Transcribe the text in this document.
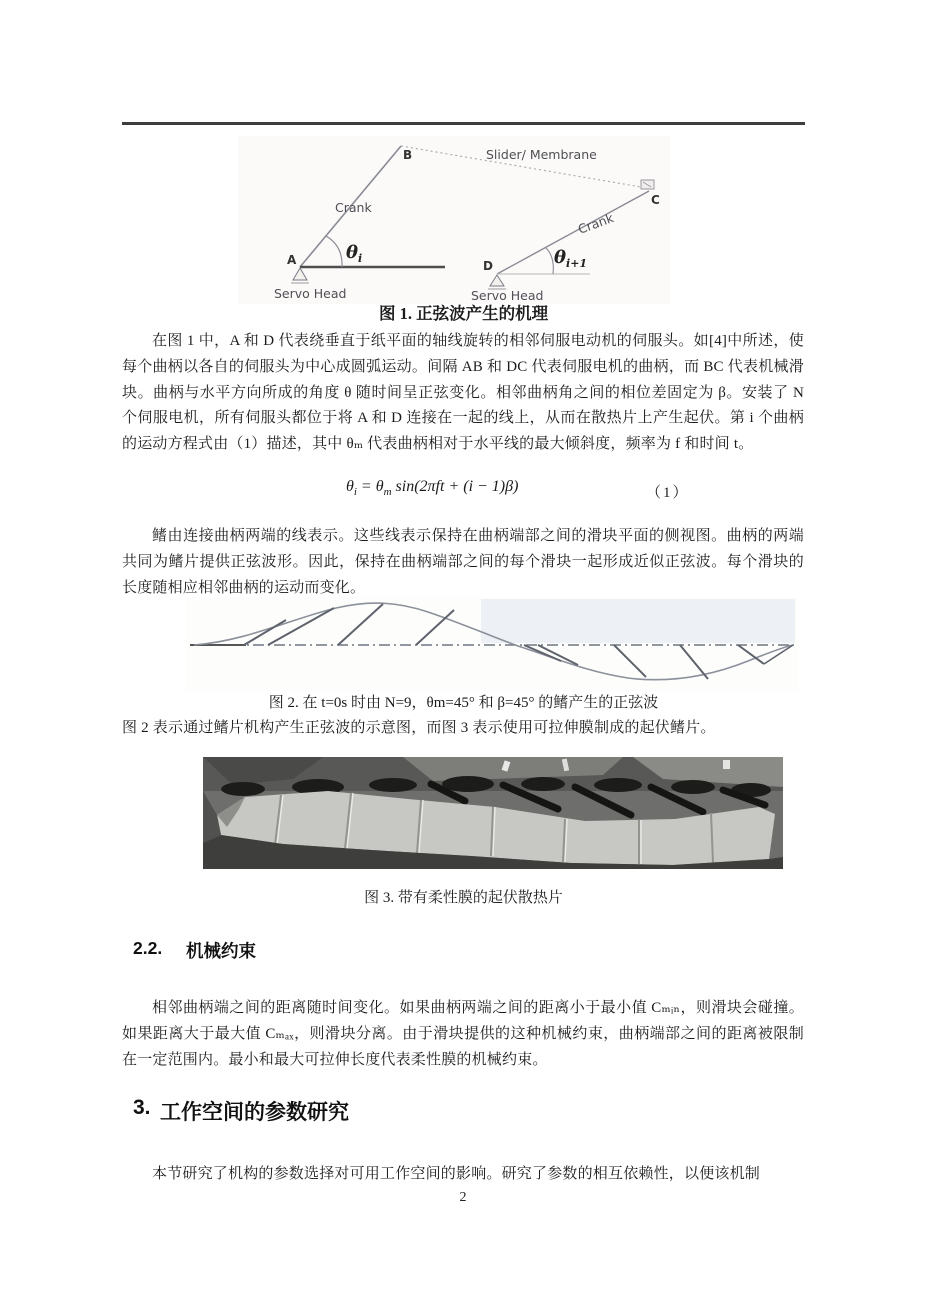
A
B
C
D
Crank
Crank
Slider/ Membrane
$\theta_i$	$\theta_{i+1}$
Servo Head	Servo Head
图 1. 正弦波产生的机理

在图 1 中，A 和 D 代表绕垂直于纸平面的轴线旋转的相邻伺服电动机的伺服头。如[4]中所述，使每个曲柄以各自的伺服头为中心成圆弧运动。间隔 AB 和 DC 代表伺服电机的曲柄，而 BC 代表机械滑块。曲柄与水平方向所成的角度 θ 随时间呈正弦变化。相邻曲柄角之间的相位差固定为 β。安装了 N 个伺服电机，所有伺服头都位于将 A 和 D 连接在一起的线上，从而在散热片上产生起伏。第 i 个曲柄的运动方程式由（1）描述，其中 θₘ 代表曲柄相对于水平线的最大倾斜度，频率为 f 和时间 t。

$\theta_i = \theta_m$ sin(2πft + (i − 1)β)	（1）

鳍由连接曲柄两端的线表示。这些线表示保持在曲柄端部之间的滑块平面的侧视图。曲柄的两端共同为鳍片提供正弦波形。因此，保持在曲柄端部之间的每个滑块一起形成近似正弦波。每个滑块的长度随相应相邻曲柄的运动而变化。

图 2. 在 t=0s 时由 N=9，θm=45° 和 β=45° 的鳍产生的正弦波

图 2 表示通过鳍片机构产生正弦波的示意图，而图 3 表示使用可拉伸膜制成的起伏鳍片。

图 3. 带有柔性膜的起伏散热片
2.2.	机械约束

相邻曲柄端之间的距离随时间变化。如果曲柄两端之间的距离小于最小值 Cₘᵢₙ，则滑块会碰撞。如果距离大于最大值 Cₘₐₓ，则滑块分离。由于滑块提供的这种机械约束，曲柄端部之间的距离被限制在一定范围内。最小和最大可拉伸长度代表柔性膜的机械约束。

3. 工作空间的参数研究

本节研究了机构的参数选择对可用工作空间的影响。研究了参数的相互依赖性，以便该机制

2
